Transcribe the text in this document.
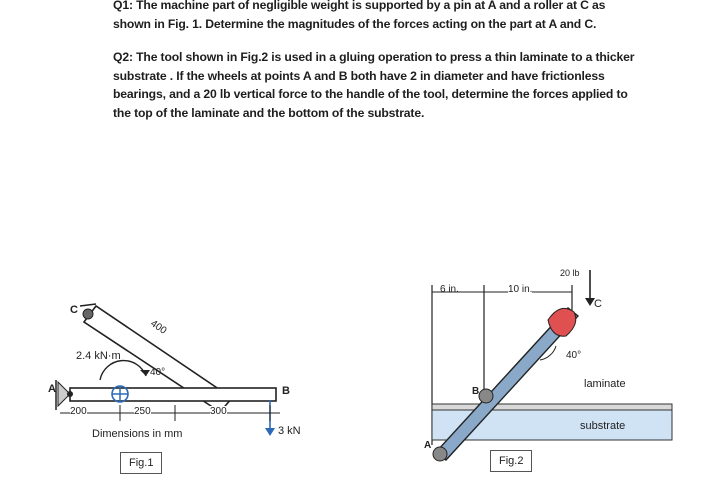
Q1: The machine part of negligible weight is supported by a pin at A and a roller at C as

shown in Fig. 1. Determine the magnitudes of the forces acting on the part at A and C.

Q2: The tool shown in Fig.2 is used in a gluing operation to press a thin laminate to a thicker

substrate . If the wheels at points A and B both have 2 in diameter and have frictionless

bearings, and a 20 lb vertical force to the handle of the tool, determine the forces applied to

the top of the laminate and the bottom of the substrate.

C
A	B
2.4 kN·m
40°
400
200	250	300
3 kN
Dimensions in mm
Fig.1
6 in.	10 in.
20 lb
C
40°
laminate
substrate
B
A
Fig.2
